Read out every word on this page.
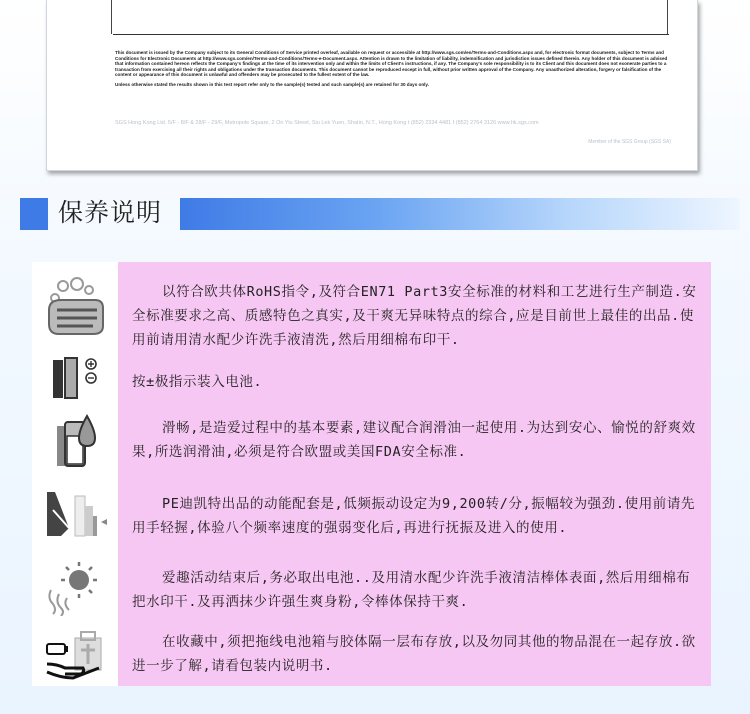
This document is issued by the Company subject to its General Conditions of Service printed overleaf, available on request or accessible at http://www.sgs.com/en/Terms-and-Conditions.aspx and, for electronic format documents, subject to Terms and Conditions for Electronic Documents at http://www.sgs.com/en/Terms-and-Conditions/Terms-e-Document.aspx. Attention is drawn to the limitation of liability, indemnification and jurisdiction issues defined therein. Any holder of this document is advised that information contained hereon reflects the Company's findings at the time of its intervention only and within the limits of Client's instructions, if any. The Company's sole responsibility is to its Client and this document does not exonerate parties to a transaction from exercising all their rights and obligations under the transaction documents. This document cannot be reproduced except in full, without prior written approval of the Company. Any unauthorized alteration, forgery or falsification of the content or appearance of this document is unlawful and offenders may be prosecuted to the fullest extent of the law.

Unless otherwise stated the results shown in this test report refer only to the sample(s) tested and such sample(s) are retained for 30 days only.

SGS Hong Kong Ltd. 5/F - 8/F & 28/F - 29/F, Metropole Square, 2 On Yiu Street, Siu Lek Yuen, Shatin, N.T., Hong Kong t (852) 2334 4481 f (852) 2764 3126 www.hk.sgs.com
Member of the SGS Group (SGS SA)
保养说明
以符合欧共体RoHS指令,及符合EN71 Part3安全标准的材料和工艺进行生产制造.安全标准要求之高、质感特色之真实,及干爽无异味特点的综合,应是目前世上最佳的出品.使用前请用清水配少许洗手液清洗,然后用细棉布印干.
按±极指示装入电池.
滑畅,是造爱过程中的基本要素,建议配合润滑油一起使用.为达到安心、愉悦的舒爽效果,所选润滑油,必须是符合欧盟或美国FDA安全标准.
PE迪凯特出品的动能配套是,低频振动设定为9,200转/分,振幅较为强劲.使用前请先用手轻握,体验八个频率速度的强弱变化后,再进行抚振及进入的使用.
爱趣活动结束后,务必取出电池..及用清水配少许洗手液清洁棒体表面,然后用细棉布把水印干.及再洒抹少许强生爽身粉,令棒体保持干爽.
在收藏中,须把拖线电池箱与胶体隔一层布存放,以及勿同其他的物品混在一起存放.欲进一步了解,请看包装内说明书.
